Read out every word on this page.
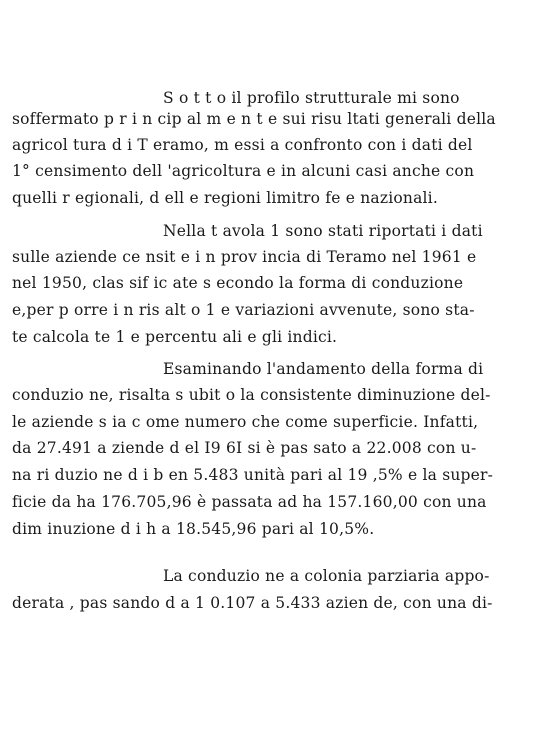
S o t t o il profilo strutturale mi sono
soffermato p r i n cip al m e n t e sui risu ltati generali della
agricol tura d i T eramo, m essi a confronto con i dati del
1° censimento dell 'agricoltura e in alcuni casi anche con
quelli r egionali, d ell e regioni limitro fe e nazionali.
Nella t avola 1 sono stati riportati i dati
sulle aziende ce nsit e i n prov incia di Teramo nel 1961 e
nel 1950, clas sif ic ate s econdo la forma di conduzione
e,per p orre i n ris alt o 1 e variazioni avvenute, sono sta-
te calcola te 1 e percentu ali e gli indici.
Esaminando l'andamento della forma di
conduzio ne, risalta s ubit o la consistente diminuzione del-
le aziende s ia c ome numero che come superficie. Infatti,
da 27.491 a ziende d el I9 6I si è pas sato a 22.008 con u-
na ri duzio ne d i b en 5.483 unità pari al 19 ,5% e la super-
ficie da ha 176.705,96 è passata ad ha 157.160,00 con una
dim inuzione d i h a 18.545,96 pari al 10,5%.
La conduzio ne a colonia parziaria appo-
derata , pas sando d a 1 0.107 a 5.433 azien de, con una di-
